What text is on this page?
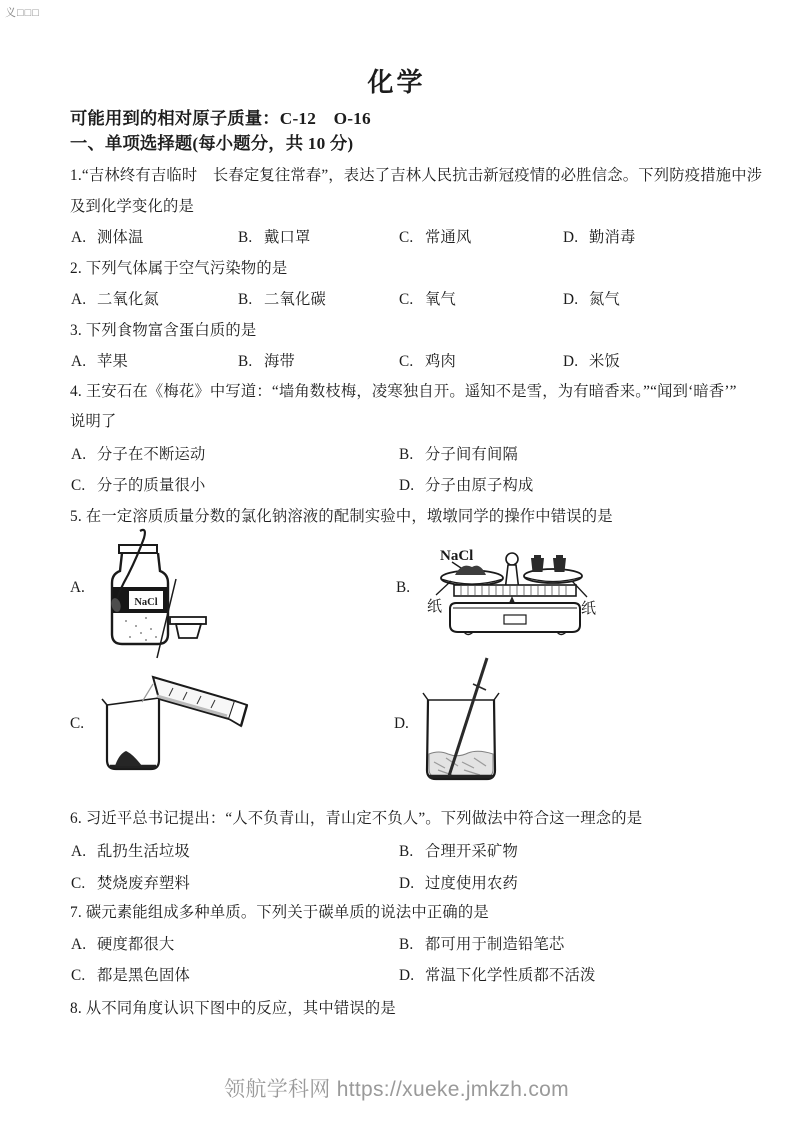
义□□□
化学
可能用到的相对原子质量：C-12　O-16
一、单项选择题(每小题分，共 10 分)
1.“吉林终有吉临时　长春定复往常春”，表达了吉林人民抗击新冠疫情的必胜信念。下列防疫措施中涉
及到化学变化的是
A. 测体温	B. 戴口罩	C. 常通风	D. 勤消毒
2. 下列气体属于空气污染物的是
A. 二氧化氮	B. 二氧化碳	C. 氧气	D. 氮气
3. 下列食物富含蛋白质的是
A. 苹果	B. 海带	C. 鸡肉	D. 米饭
4. 王安石在《梅花》中写道：“墙角数枝梅，凌寒独自开。遥知不是雪，为有暗香来。”“闻到‘暗香’”
说明了
A. 分子在不断运动	B. 分子间有间隔
C. 分子的质量很小	D. 分子由原子构成
5. 在一定溶质质量分数的氯化钠溶液的配制实验中，墩墩同学的操作中错误的是
A.	B.
C.	D.
NaCl
NaCl
纸	纸
6. 习近平总书记提出：“人不负青山，青山定不负人”。下列做法中符合这一理念的是
A. 乱扔生活垃圾	B. 合理开采矿物
C. 焚烧废弃塑料	D. 过度使用农药
7. 碳元素能组成多种单质。下列关于碳单质的说法中正确的是
A. 硬度都很大	B. 都可用于制造铅笔芯
C. 都是黑色固体	D. 常温下化学性质都不活泼
8. 从不同角度认识下图中的反应，其中错误的是
领航学科网 https://xueke.jmkzh.com
